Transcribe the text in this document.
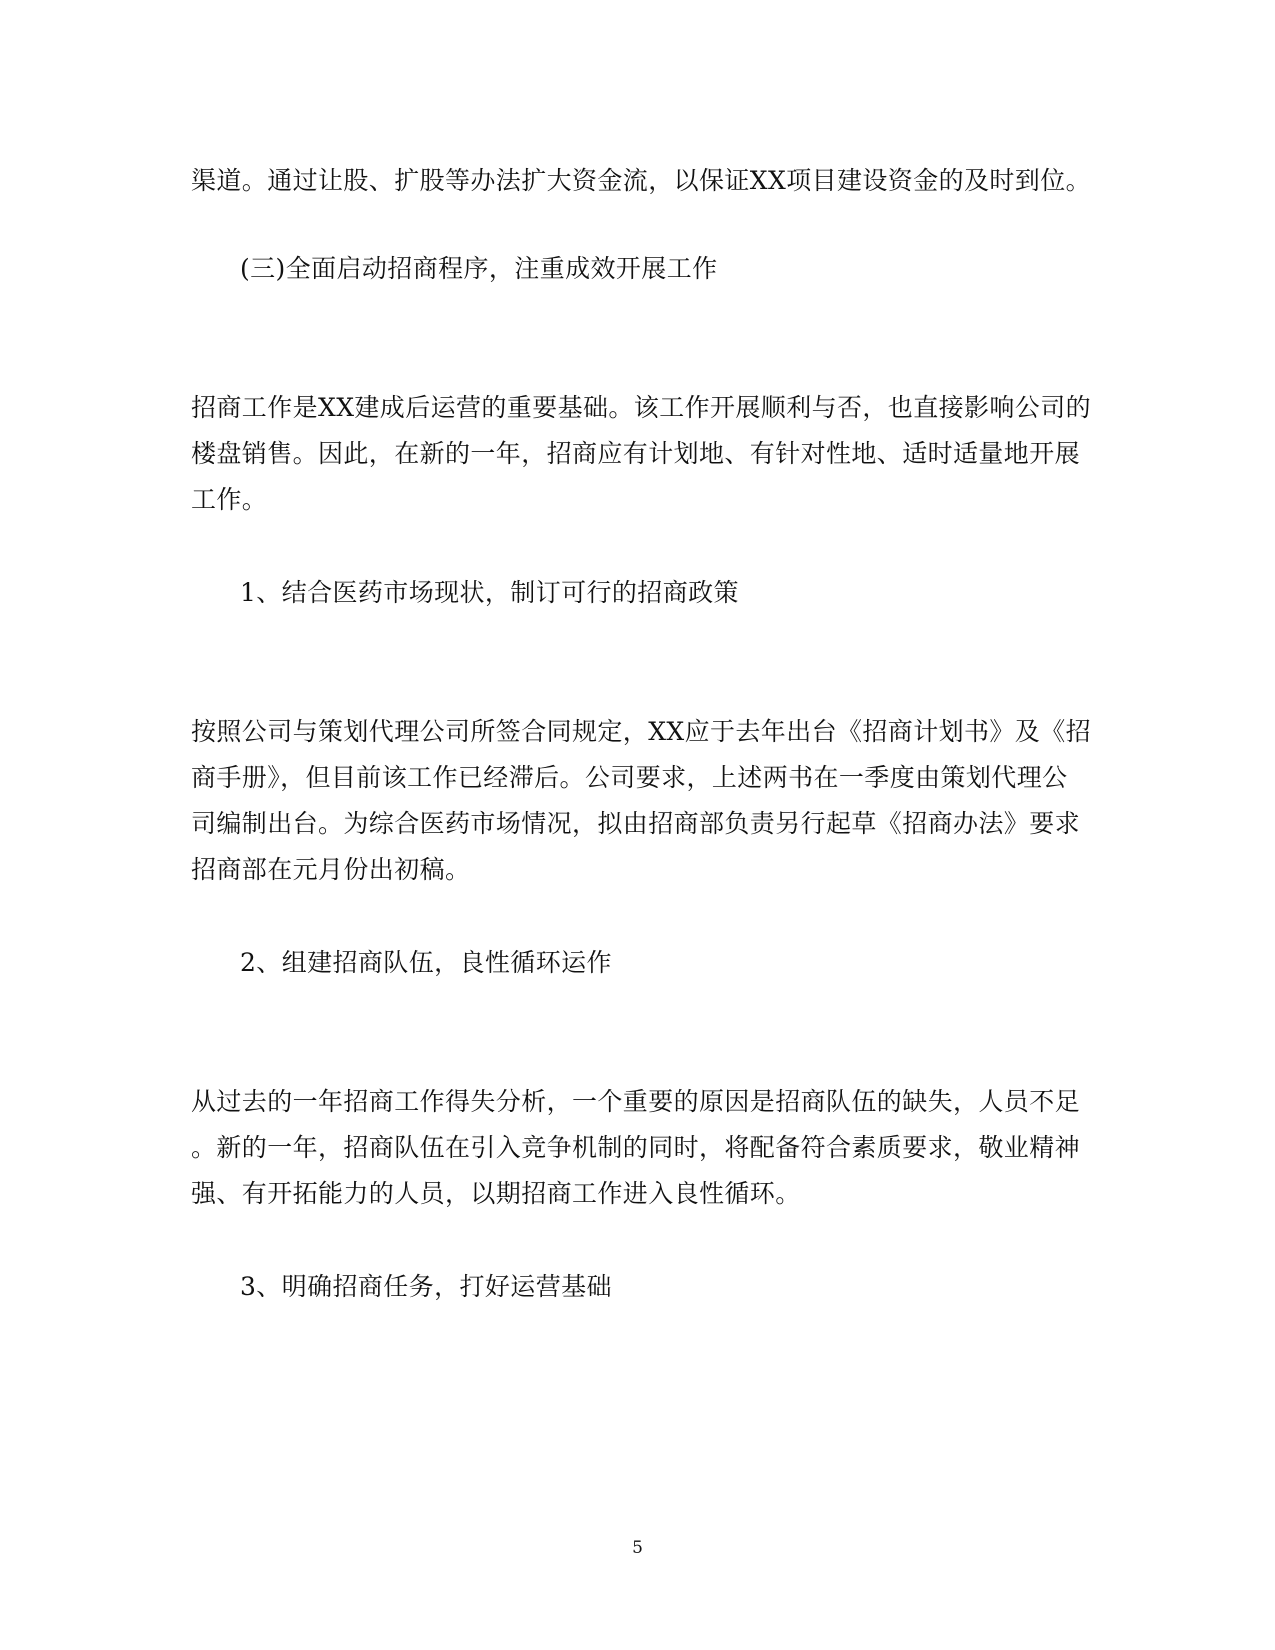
渠道。通过让股、扩股等办法扩大资金流，以保证XX项目建设资金的及时到位。
(三)全面启动招商程序，注重成效开展工作
招商工作是XX建成后运营的重要基础。该工作开展顺利与否，也直接影响公司的
楼盘销售。因此，在新的一年，招商应有计划地、有针对性地、适时适量地开展
工作。
1、结合医药市场现状，制订可行的招商政策
按照公司与策划代理公司所签合同规定，XX应于去年出台《招商计划书》及《招
商手册》，但目前该工作已经滞后。公司要求，上述两书在一季度由策划代理公
司编制出台。为综合医药市场情况，拟由招商部负责另行起草《招商办法》要求
招商部在元月份出初稿。
2、组建招商队伍，良性循环运作
从过去的一年招商工作得失分析，一个重要的原因是招商队伍的缺失，人员不足
。新的一年，招商队伍在引入竞争机制的同时，将配备符合素质要求，敬业精神
强、有开拓能力的人员，以期招商工作进入良性循环。
3、明确招商任务，打好运营基础
5
